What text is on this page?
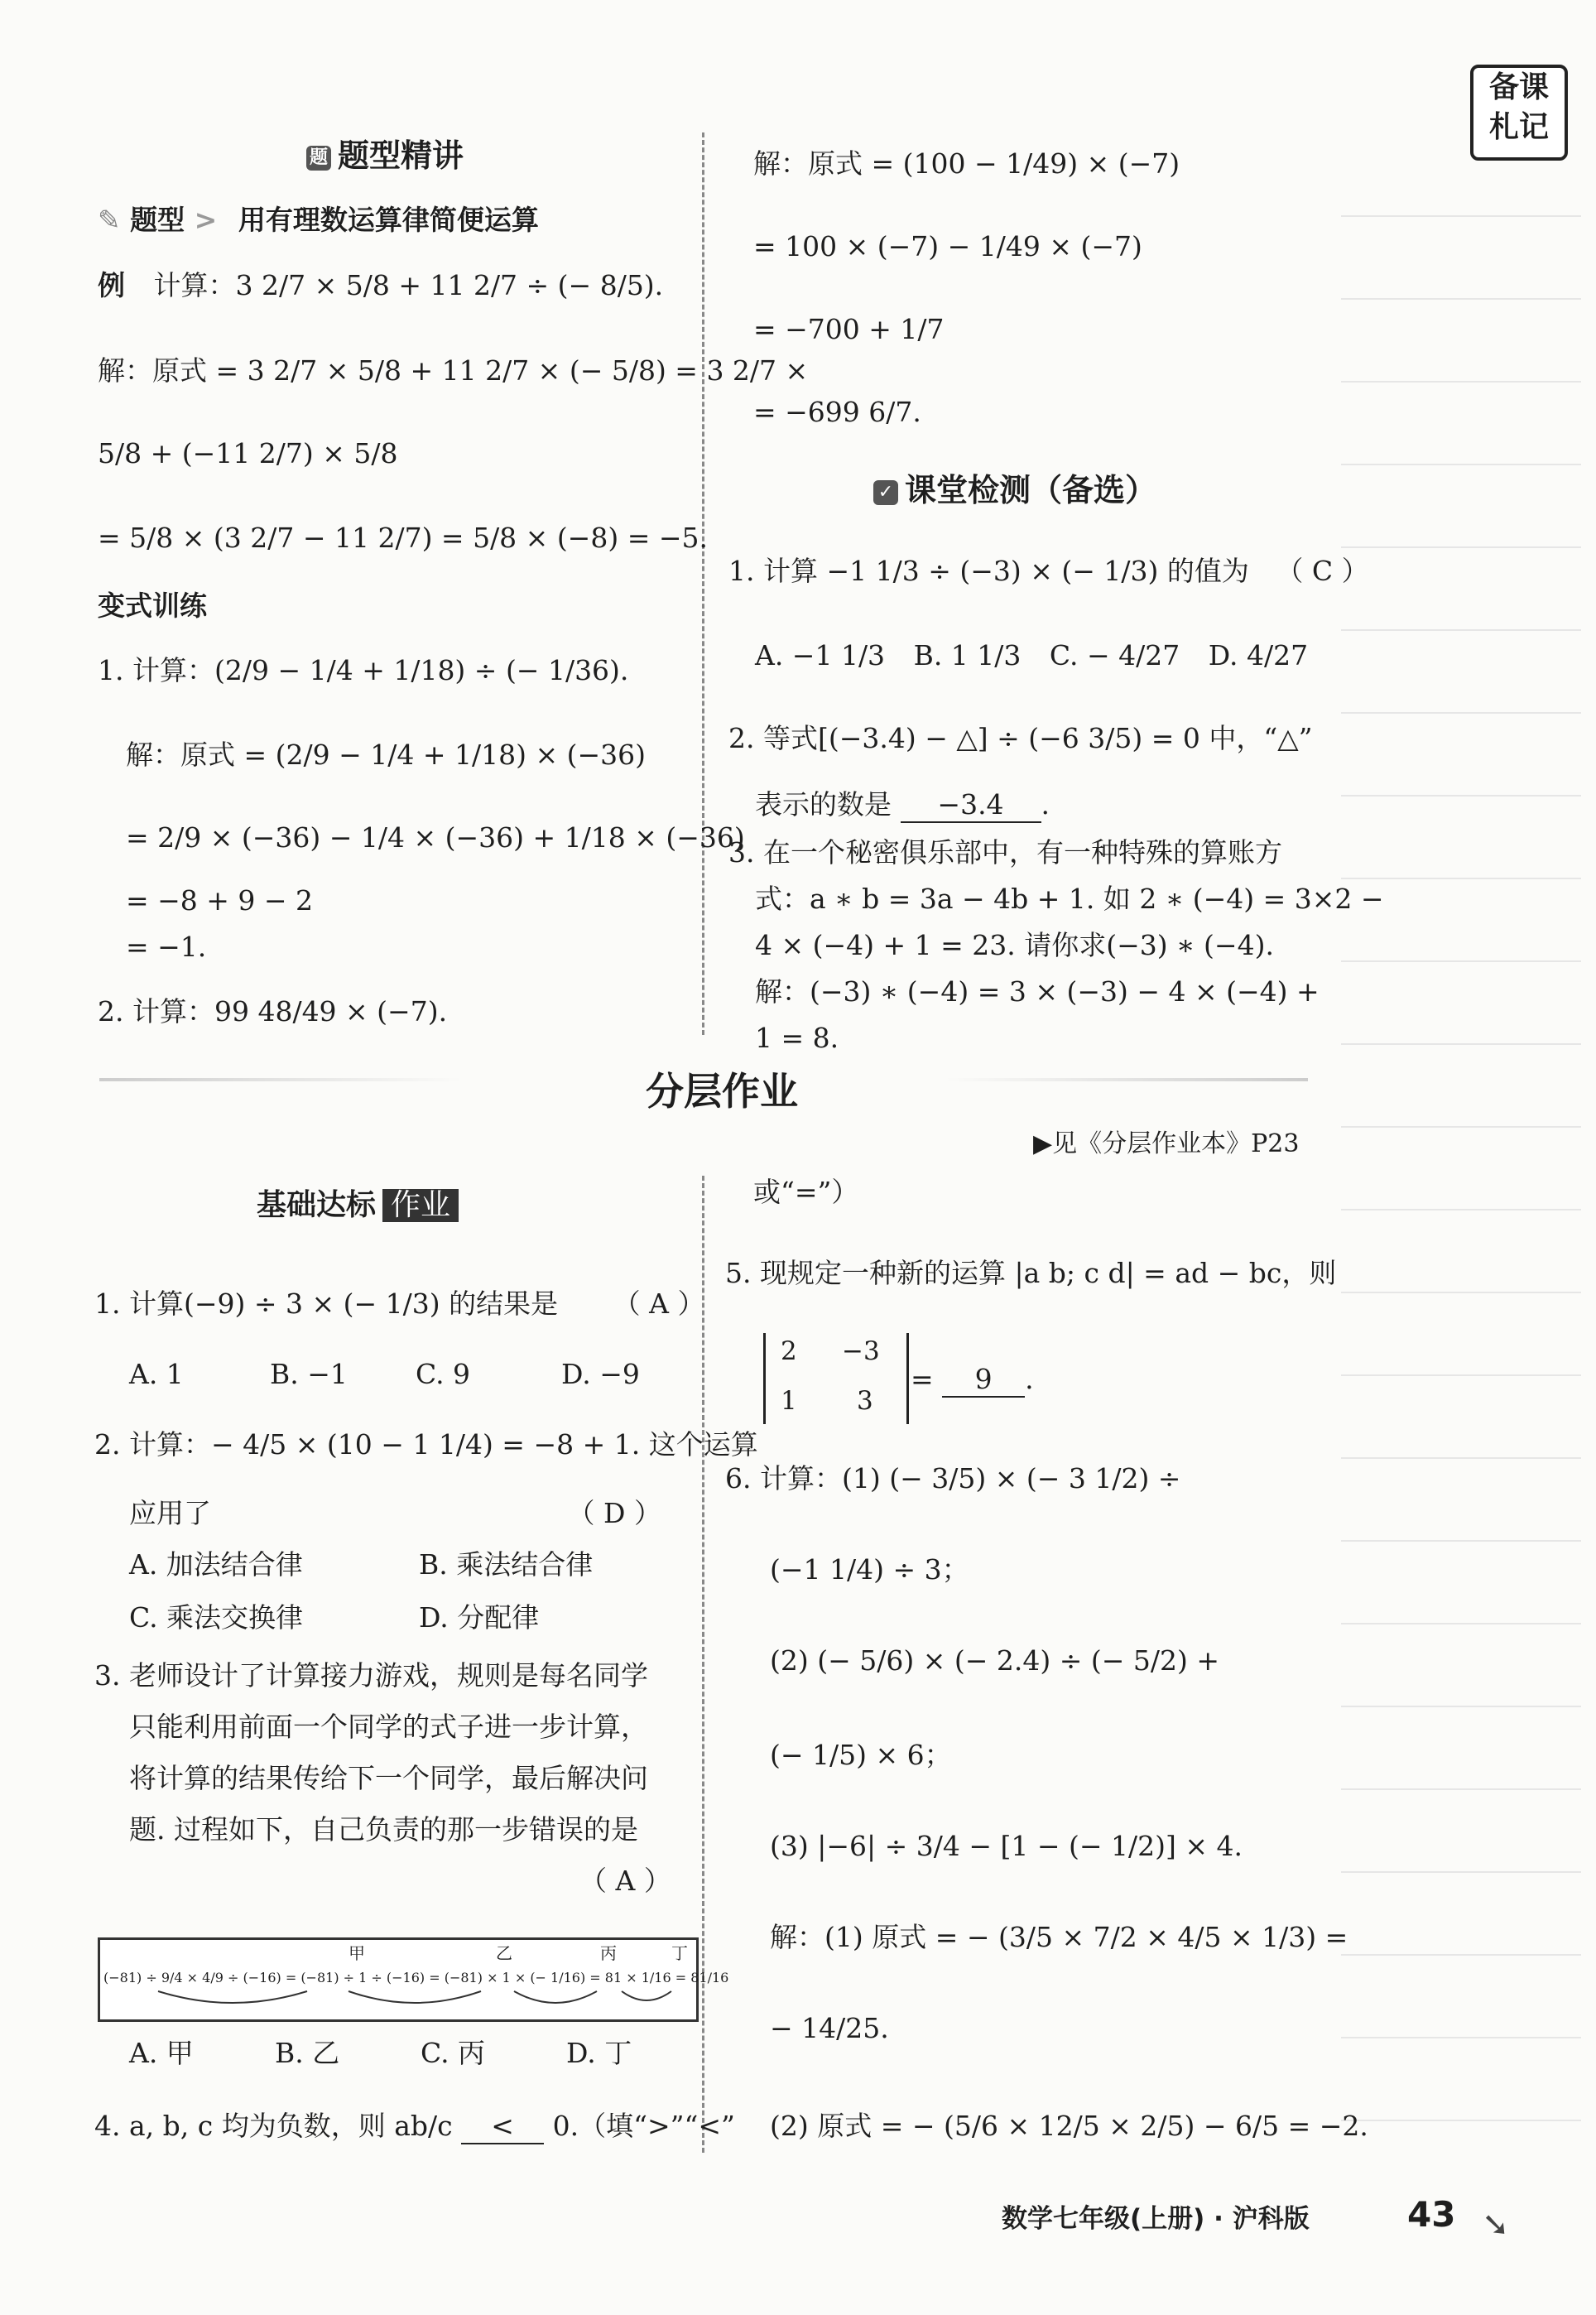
备课
札记
题 题型精讲
✎ 题型 > 用有理数运算律简便运算
例 计算：3 2/7 × 5/8 + 11 2/7 ÷ (− 8/5).
解：原式 = 3 2/7 × 5/8 + 11 2/7 × (− 5/8) = 3 2/7 ×
5/8 + (−11 2/7) × 5/8
= 5/8 × (3 2/7 − 11 2/7) = 5/8 × (−8) = −5.
变式训练
1. 计算：(2/9 − 1/4 + 1/18) ÷ (− 1/36).
解：原式 = (2/9 − 1/4 + 1/18) × (−36)
= 2/9 × (−36) − 1/4 × (−36) + 1/18 × (−36)
= −8 + 9 − 2
= −1.
2. 计算：99 48/49 × (−7).
解：原式 = (100 − 1/49) × (−7)
= 100 × (−7) − 1/49 × (−7)
= −700 + 1/7
= −699 6/7.
✓ 课堂检测（备选）
1. 计算 −1 1/3 ÷ (−3) × (− 1/3) 的值为 （ C ）
A. −1 1/3 B. 1 1/3 C. − 4/27 D. 4/27
2. 等式[(−3.4) − △] ÷ (−6 3/5) = 0 中，“△”
表示的数是 −3.4 .
3. 在一个秘密俱乐部中，有一种特殊的算账方
式：a ∗ b = 3a − 4b + 1. 如 2 ∗ (−4) = 3×2 −
4 × (−4) + 1 = 23. 请你求(−3) ∗ (−4).
解：(−3) ∗ (−4) = 3 × (−3) − 4 × (−4) +
1 = 8.
分层作业
▶见《分层作业本》P23
基础达标 作业
1. 计算(−9) ÷ 3 × (− 1/3) 的结果是 （ A ）
A. 1	B. −1 C. 9	D. −9
2. 计算：− 4/5 × (10 − 1 1/4) = −8 + 1. 这个运算
应用了	（ D ）
A. 加法结合律	B. 乘法结合律
C. 乘法交换律	D. 分配律
3. 老师设计了计算接力游戏，规则是每名同学
只能利用前面一个同学的式子进一步计算，
将计算的结果传给下一个同学，最后解决问
题. 过程如下，自己负责的那一步错误的是
（ A ）
甲	乙	丙	丁
(−81) ÷ 9/4 × 4/9 ÷ (−16) = (−81) ÷ 1 ÷ (−16) = (−81) × 1 × (− 1/16) = 81 × 1/16 = 81/16
A. 甲	B. 乙	C. 丙	D. 丁
4. a, b, c 均为负数，则 ab/c < 0.（填“>”“<”
或“=”）
5. 现规定一种新的运算 |a b; c d| = ad − bc，则
2 −3
1 3
= 9 .
6. 计算：(1) (− 3/5) × (− 3 1/2) ÷
(−1 1/4) ÷ 3；
(2) (− 5/6) × (− 2.4) ÷ (− 5/2) +
(− 1/5) × 6；
(3) |−6| ÷ 3/4 − [1 − (− 1/2)] × 4.
解：(1) 原式 = − (3/5 × 7/2 × 4/5 × 1/3) =
− 14/25.
(2) 原式 = − (5/6 × 12/5 × 2/5) − 6/5 = −2.
数学七年级(上册) · 沪科版	43 ➘
